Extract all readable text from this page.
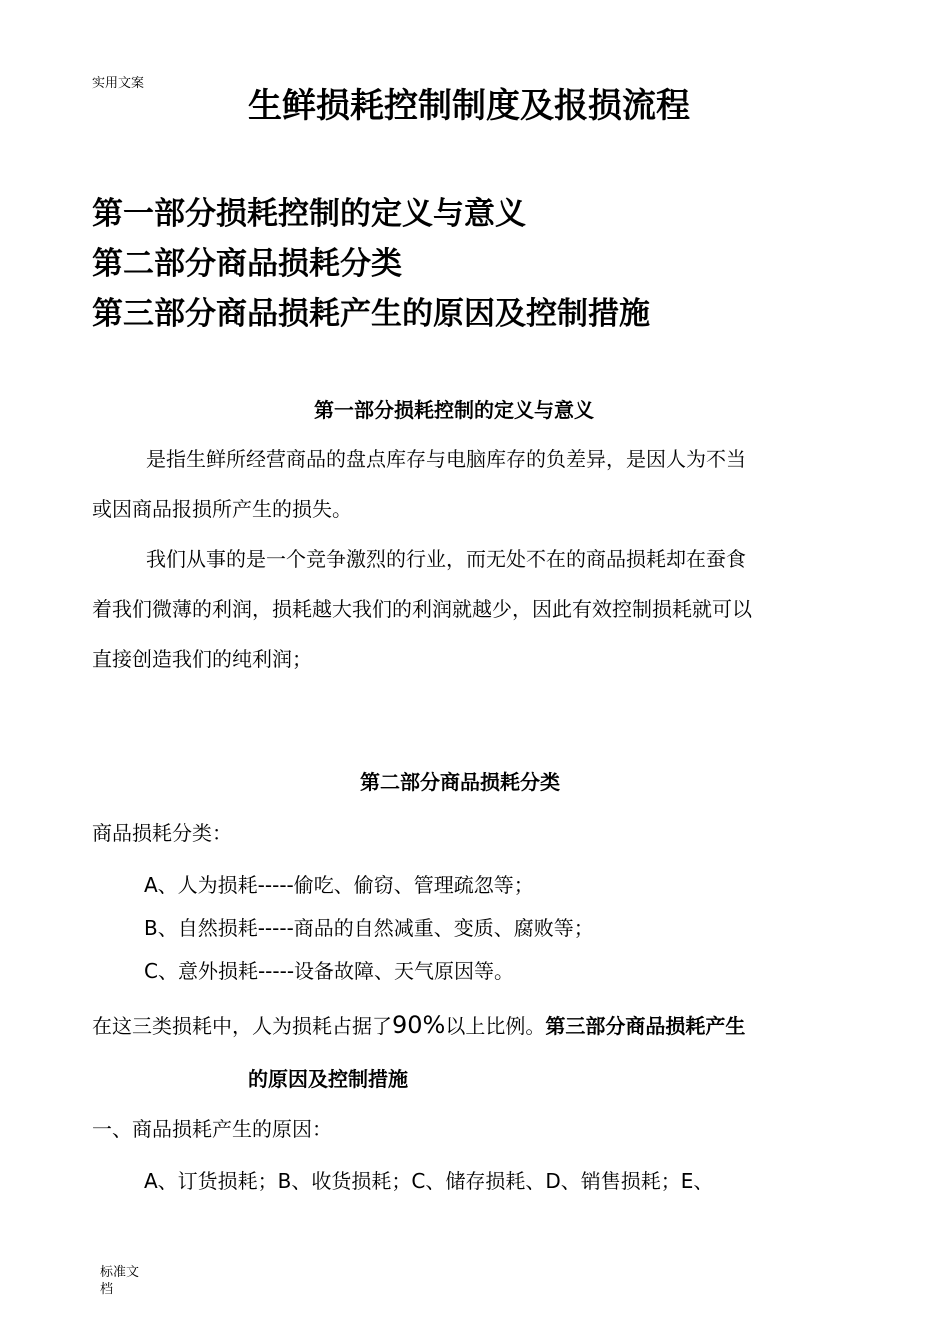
实用文案
生鲜损耗控制制度及报损流程
第一部分损耗控制的定义与意义
第二部分商品损耗分类
第三部分商品损耗产生的原因及控制措施
第一部分损耗控制的定义与意义
是指生鲜所经营商品的盘点库存与电脑库存的负差异，是因人为不当
或因商品报损所产生的损失。
我们从事的是一个竞争激烈的行业，而无处不在的商品损耗却在蚕食
着我们微薄的利润，损耗越大我们的利润就越少，因此有效控制损耗就可以
直接创造我们的纯利润；
第二部分商品损耗分类
商品损耗分类：
A、人为损耗-----偷吃、偷窃、管理疏忽等；
B、自然损耗-----商品的自然减重、变质、腐败等；
C、意外损耗-----设备故障、天气原因等。
在这三类损耗中，人为损耗占据了90%以上比例。第三部分商品损耗产生
的原因及控制措施
一、商品损耗产生的原因：
A、订货损耗；B、收货损耗；C、储存损耗、D、销售损耗；E、
标准文档
